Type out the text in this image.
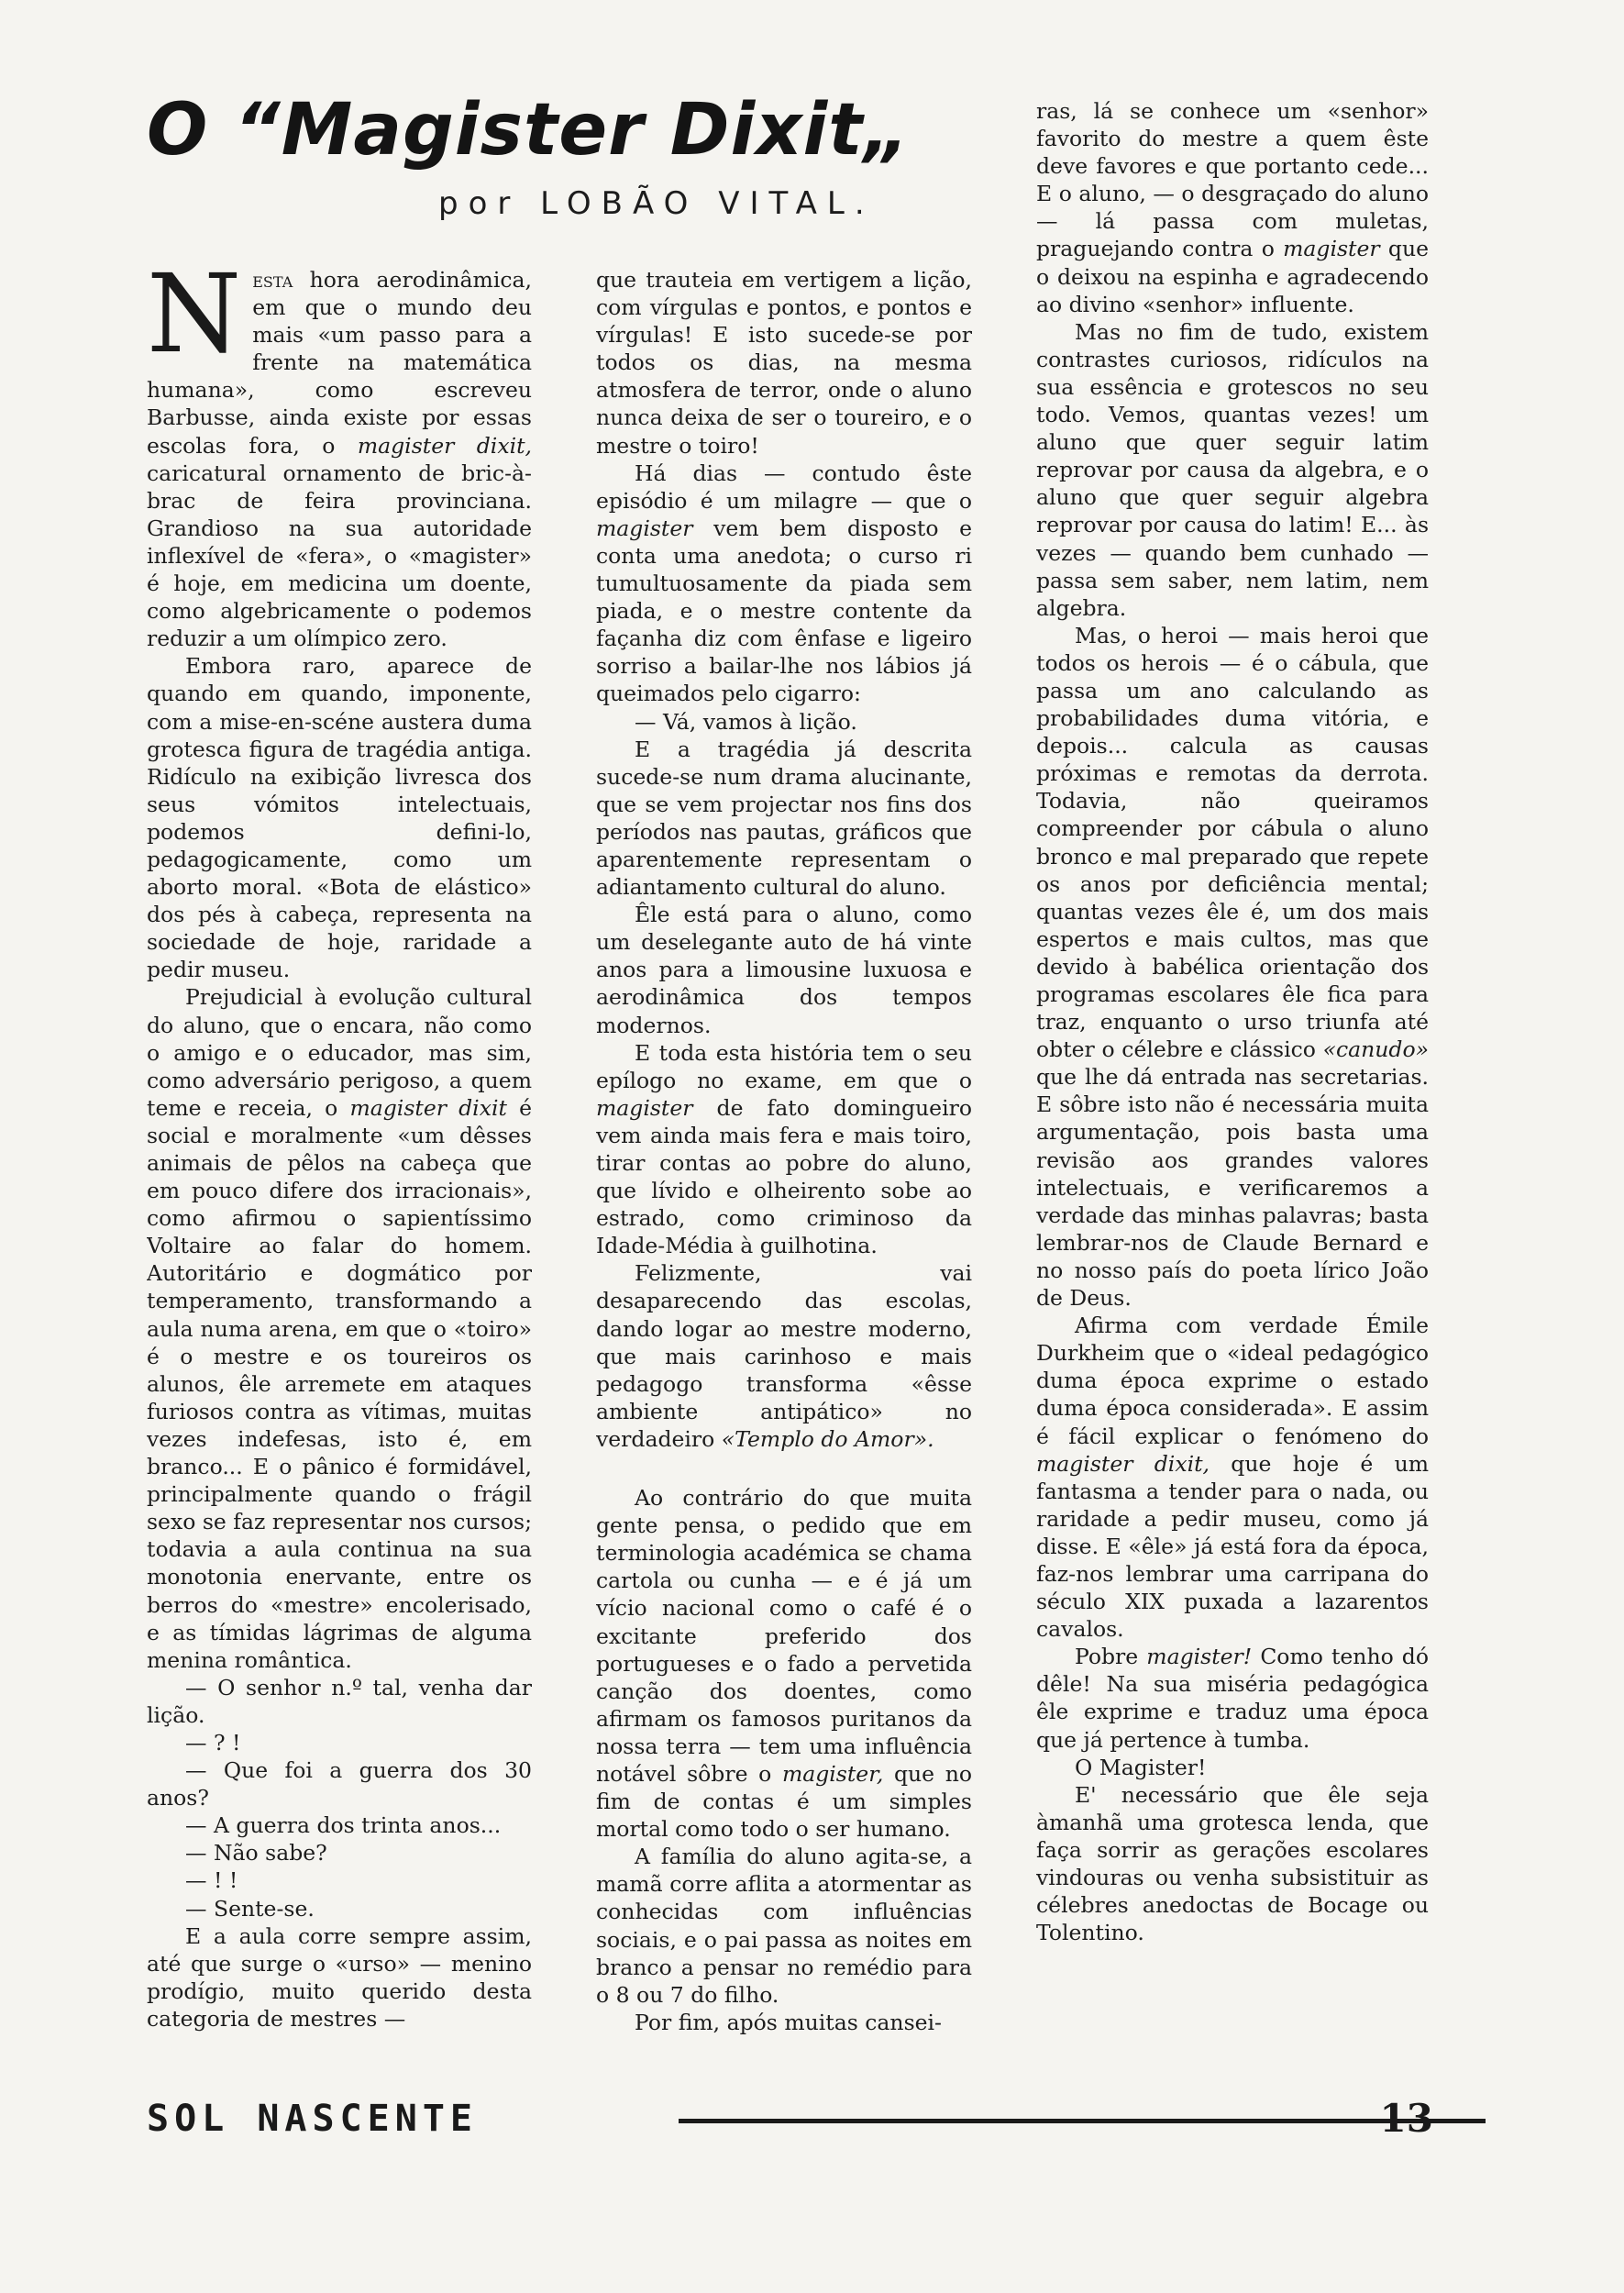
O “Magister Dixit„
por LOBÃO VITAL.

Nesta hora aerodinâmica, em que o mundo deu mais «um passo para a frente na matemática humana», como escreveu Barbusse, ainda existe por essas escolas fora, o magister dixit, caricatural ornamento de bric-à-brac de feira provinciana. Grandioso na sua autoridade inflexível de «fera», o «magister» é hoje, em medicina um doente, como algebricamente o podemos reduzir a um olímpico zero.

Embora raro, aparece de quando em quando, imponente, com a mise-en-scéne austera duma grotesca figura de tragédia antiga. Ridículo na exibição livresca dos seus vómitos intelectuais, podemos defini-lo, pedagogicamente, como um aborto moral. «Bota de elástico» dos pés à cabeça, representa na sociedade de hoje, raridade a pedir museu.

Prejudicial à evolução cultural do aluno, que o encara, não como o amigo e o educador, mas sim, como adversário perigoso, a quem teme e receia, o magister dixit é social e moralmente «um dêsses animais de pêlos na cabeça que em pouco difere dos irracionais», como afirmou o sapientíssimo Voltaire ao falar do homem. Autoritário e dogmático por temperamento, transformando a aula numa arena, em que o «toiro» é o mestre e os toureiros os alunos, êle arremete em ataques furiosos contra as vítimas, muitas vezes indefesas, isto é, em branco... E o pânico é formidável, principalmente quando o frágil sexo se faz representar nos cursos; todavia a aula continua na sua monotonia enervante, entre os berros do «mestre» encolerisado, e as tímidas lágrimas de alguma menina romântica.

— O senhor n.º tal, venha dar lição.

— ? !

— Que foi a guerra dos 30 anos?

— A guerra dos trinta anos...

— Não sabe?

— ! !

— Sente-se.

E a aula corre sempre assim, até que surge o «urso» — menino prodígio, muito querido desta categoria de mestres —

que trauteia em vertigem a lição, com vírgulas e pontos, e pontos e vírgulas! E isto sucede-se por todos os dias, na mesma atmosfera de terror, onde o aluno nunca deixa de ser o toureiro, e o mestre o toiro!

Há dias — contudo êste episódio é um milagre — que o magister vem bem disposto e conta uma anedota; o curso ri tumultuosamente da piada sem piada, e o mestre contente da façanha diz com ênfase e ligeiro sorriso a bailar-lhe nos lábios já queimados pelo cigarro:

— Vá, vamos à lição.

E a tragédia já descrita sucede-se num drama alucinante, que se vem projectar nos fins dos períodos nas pautas, gráficos que aparentemente representam o adiantamento cultural do aluno.

Êle está para o aluno, como um deselegante auto de há vinte anos para a limousine luxuosa e aerodinâmica dos tempos modernos.

E toda esta história tem o seu epílogo no exame, em que o magister de fato domingueiro vem ainda mais fera e mais toiro, tirar contas ao pobre do aluno, que lívido e olheirento sobe ao estrado, como criminoso da Idade-Média à guilhotina.

Felizmente, vai desaparecendo das escolas, dando logar ao mestre moderno, que mais carinhoso e mais pedagogo transforma «êsse ambiente antipático» no verdadeiro «Templo do Amor».

Ao contrário do que muita gente pensa, o pedido que em terminologia académica se chama cartola ou cunha — e é já um vício nacional como o café é o excitante preferido dos portugueses e o fado a pervetida canção dos doentes, como afirmam os famosos puritanos da nossa terra — tem uma influência notável sôbre o magister, que no fim de contas é um simples mortal como todo o ser humano.

A família do aluno agita-se, a mamã corre aflita a atormentar as conhecidas com influências sociais, e o pai passa as noites em branco a pensar no remédio para o 8 ou 7 do filho.

Por fim, após muitas cansei-

ras, lá se conhece um «senhor» favorito do mestre a quem êste deve favores e que portanto cede... E o aluno, — o desgraçado do aluno — lá passa com muletas, praguejando contra o magister que o deixou na espinha e agradecendo ao divino «senhor» influente.

Mas no fim de tudo, existem contrastes curiosos, ridículos na sua essência e grotescos no seu todo. Vemos, quantas vezes! um aluno que quer seguir latim reprovar por causa da algebra, e o aluno que quer seguir algebra reprovar por causa do latim! E... às vezes — quando bem cunhado — passa sem saber, nem latim, nem algebra.

Mas, o heroi — mais heroi que todos os herois — é o cábula, que passa um ano calculando as probabilidades duma vitória, e depois... calcula as causas próximas e remotas da derrota. Todavia, não queiramos compreender por cábula o aluno bronco e mal preparado que repete os anos por deficiência mental; quantas vezes êle é, um dos mais espertos e mais cultos, mas que devido à babélica orientação dos programas escolares êle fica para traz, enquanto o urso triunfa até obter o célebre e clássico «canudo» que lhe dá entrada nas secretarias. E sôbre isto não é necessária muita argumentação, pois basta uma revisão aos grandes valores intelectuais, e verificaremos a verdade das minhas palavras; basta lembrar-nos de Claude Bernard e no nosso país do poeta lírico João de Deus.

Afirma com verdade Émile Durkheim que o «ideal pedagógico duma época exprime o estado duma época considerada». E assim é fácil explicar o fenómeno do magister dixit, que hoje é um fantasma a tender para o nada, ou raridade a pedir museu, como já disse. E «êle» já está fora da época, faz-nos lembrar uma carripana do século XIX puxada a lazarentos cavalos.

Pobre magister! Como tenho dó dêle! Na sua miséria pedagógica êle exprime e traduz uma época que já pertence à tumba.

O Magister!

E' necessário que êle seja àmanhã uma grotesca lenda, que faça sorrir as gerações escolares vindouras ou venha subsistituir as célebres anedoctas de Bocage ou Tolentino.

SOL NASCENTE	13
